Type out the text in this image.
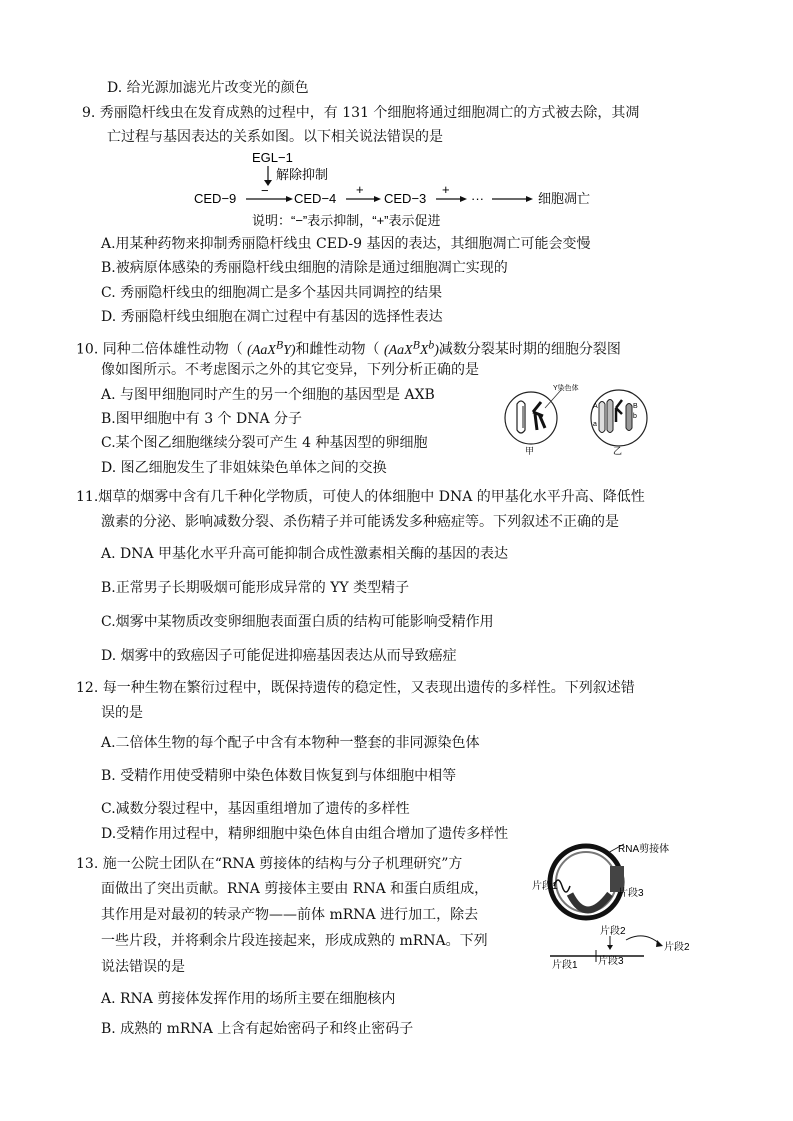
D. 给光源加滤光片改变光的颜色
9. 秀丽隐杆线虫在发育成熟的过程中，有 131 个细胞将通过细胞凋亡的方式被去除，其凋
亡过程与基因表达的关系如图。以下相关说法错误的是
EGL−1
解除抑制
CED−9
−
CED−4
+
CED−3
+
···	细胞凋亡
说明：“−”表示抑制，“+”表示促进
A.用某种药物来抑制秀丽隐杆线虫 CED-9 基因的表达，其细胞凋亡可能会变慢
B.被病原体感染的秀丽隐杆线虫细胞的清除是通过细胞凋亡实现的
C. 秀丽隐杆线虫的细胞凋亡是多个基因共同调控的结果
D. 秀丽隐杆线虫细胞在凋亡过程中有基因的选择性表达
10. 同种二倍体雄性动物（ (AaX$^B$Y)和雌性动物（ $(AaX^BX^b)$减数分裂某时期的细胞分裂图
像如图所示。不考虑图示之外的其它变异，下列分析正确的是
A. 与图甲细胞同时产生的另一个细胞的基因型是 AXB
B.图甲细胞中有 3 个 DNA 分子
C.某个图乙细胞继续分裂可产生 4 种基因型的卵细胞
D. 图乙细胞发生了非姐妹染色单体之间的交换
Y染色体
甲
B
b
A
a
乙
11.烟草的烟雾中含有几千种化学物质，可使人的体细胞中 DNA 的甲基化水平升高、降低性
激素的分泌、影响减数分裂、杀伤精子并可能诱发多种癌症等。下列叙述不正确的是
A. DNA 甲基化水平升高可能抑制合成性激素相关酶的基因的表达
B.正常男子长期吸烟可能形成异常的 YY 类型精子
C.烟雾中某物质改变卵细胞表面蛋白质的结构可能影响受精作用
D. 烟雾中的致癌因子可能促进抑癌基因表达从而导致癌症
12. 每一种生物在繁衍过程中，既保持遗传的稳定性，又表现出遗传的多样性。下列叙述错
误的是
A.二倍体生物的每个配子中含有本物种一整套的非同源染色体
B. 受精作用使受精卵中染色体数目恢复到与体细胞中相等
C.减数分裂过程中，基因重组增加了遗传的多样性
D.受精作用过程中，精卵细胞中染色体自由组合增加了遗传多样性
13. 施一公院士团队在“RNA 剪接体的结构与分子机理研究”方
面做出了突出贡献。RNA 剪接体主要由 RNA 和蛋白质组成，
其作用是对最初的转录产物——前体 mRNA 进行加工，除去
一些片段，并将剩余片段连接起来，形成成熟的 mRNA。下列
说法错误的是
A. RNA 剪接体发挥作用的场所主要在细胞核内
B. 成熟的 mRNA 上含有起始密码子和终止密码子
RNA剪接体
片段1
片段3
片段2
片段2
片段1 片段3
